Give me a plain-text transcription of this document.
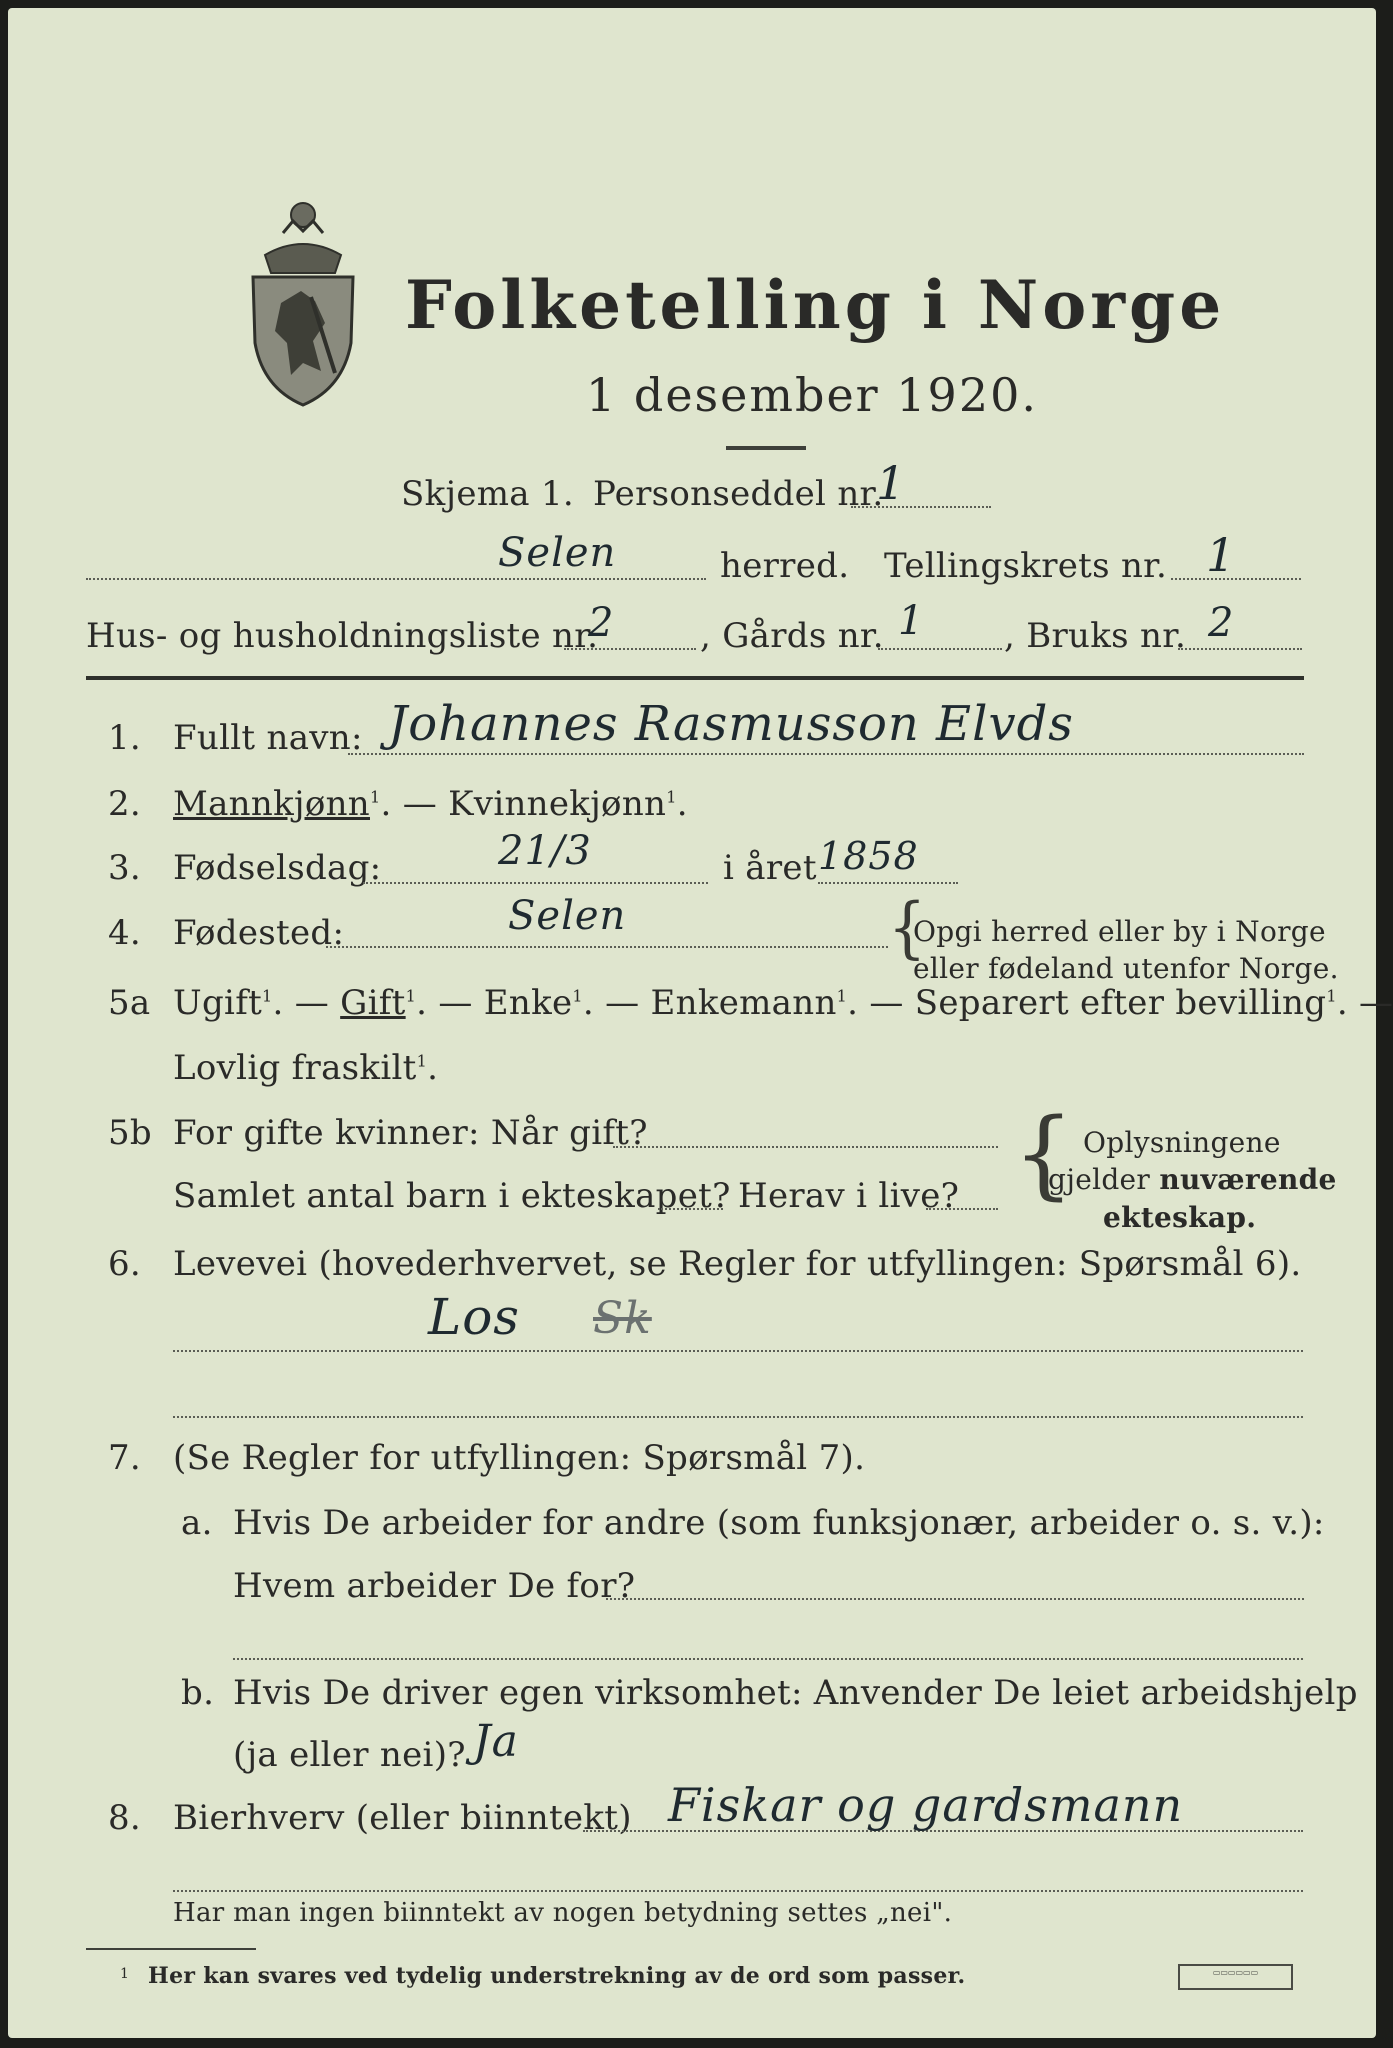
Folketelling i Norge
1 desember 1920.
Skjema 1. Personseddel nr.
1
Selen	herred. Tellingskrets nr. 1
Hus- og husholdningsliste nr.
2	, Gårds nr. 1 , Bruks nr. 2
1. Fullt navn: Johannes Rasmusson Elvds
2. Mannkjønn$^1$. — Kvinnekjønn$^1$.
3. Fødselsdag:	21/3	i året 1858
4. Fødested:	Selen	{
Opgi herred eller by i Norge
eller fødeland utenfor Norge.
5a Ugift$^1$. — Gift$^1$. — Enke$^1$. — Enkemann$^1$. — Separert efter bevilling$^1$. —
Lovlig fraskilt$^1$.
5b For gifte kvinner: Når gift?
Samlet antal barn i ekteskapet? Herav i live? { Oplysningene
gjelder nuværende
ekteskap.
6. Levevei (hovederhvervet, se Regler for utfyllingen: Spørsmål 6).
Los Sk
7. (Se Regler for utfyllingen: Spørsmål 7).
a. Hvis De arbeider for andre (som funksjonær, arbeider o. s. v.):
Hvem arbeider De for?
b. Hvis De driver egen virksomhet: Anvender De leiet arbeidshjelp
(ja eller nei)? Ja
8. Bierhverv (eller biinntekt) Fiskar og gardsmann
Har man ingen biinntekt av nogen betydning settes „nei".
1 Her kan svares ved tydelig understrekning av de ord som passer.	▭▭▭▭▭▭
